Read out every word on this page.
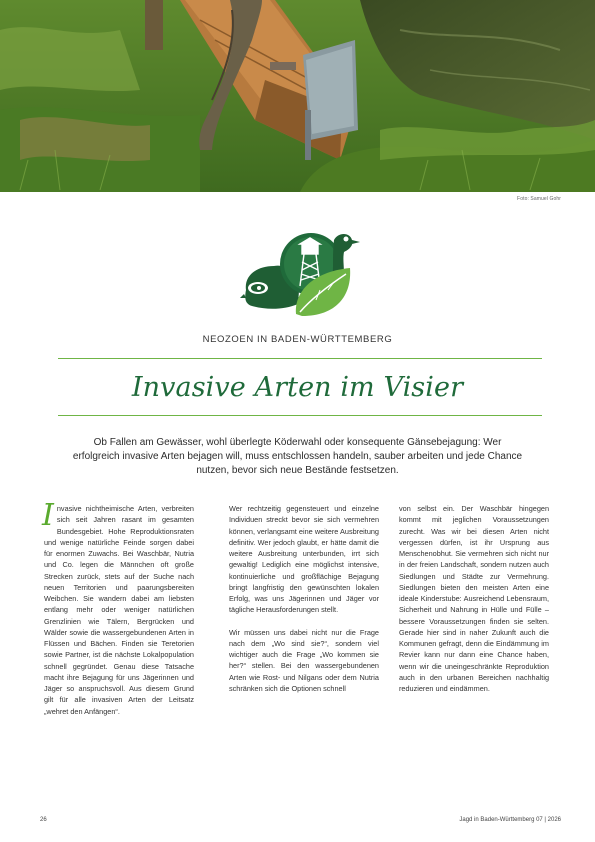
Foto: Samuel Gohr
NEOZOEN IN BADEN-WÜRTTEMBERG
Invasive Arten im Visier
Ob Fallen am Gewässer, wohl überlegte Köderwahl oder konsequente Gänsebejagung: Wer erfolgreich invasive Arten bejagen will, muss entschlossen handeln, sauber arbeiten und jede Chance nutzen, bevor sich neue Bestände festsetzen.

Invasive nichtheimische Arten, verbreiten sich seit Jahren rasant im gesamten Bundesgebiet. Hohe Reproduktionsraten und wenige natürliche Feinde sorgen dabei für enormen Zuwachs. Bei Waschbär, Nutria und Co. legen die Männchen oft große Strecken zurück, stets auf der Suche nach neuen Territorien und paarungsbereiten Weibchen. Sie wandern dabei am liebsten entlang mehr oder weniger natürlichen Grenzlinien wie Tälern, Bergrücken und Wälder sowie die wassergebundenen Arten in Flüssen und Bächen. Finden sie Teretorien sowie Partner, ist die nächste Lokalpopulation schnell gegründet. Genau diese Tatsache macht ihre Bejagung für uns Jägerinnen und Jäger so anspruchsvoll. Aus diesem Grund gilt für alle invasiven Arten der Leitsatz „wehret den Anfängen“.

Wer rechtzeitig gegensteuert und einzelne Individuen streckt bevor sie sich vermehren können, verlangsamt eine weitere Ausbreitung definitiv. Wer jedoch glaubt, er hätte damit die weitere Ausbreitung unterbunden, irrt sich gewaltig! Lediglich eine möglichst intensive, kontinuierliche und großflächige Bejagung bringt langfristig den gewünschten lokalen Erfolg, was uns Jägerinnen und Jäger vor tägliche Herausforderungen stellt.

Wir müssen uns dabei nicht nur die Frage nach dem „Wo sind sie?“, sondern viel wichtiger auch die Frage „Wo kommen sie her?“ stellen. Bei den wassergebundenen Arten wie Rost- und Nilgans oder dem Nutria schränken sich die Optionen schnell

von selbst ein. Der Waschbär hingegen kommt mit jeglichen Voraussetzungen zurecht. Was wir bei diesen Arten nicht vergessen dürfen, ist ihr Ursprung aus Menschenobhut. Sie vermehren sich nicht nur in der freien Landschaft, sondern nutzen auch Siedlungen und Städte zur Vermehrung. Siedlungen bieten den meisten Arten eine ideale Kinderstube: Ausreichend Lebensraum, Sicherheit und Nahrung in Hülle und Fülle – bessere Voraussetzungen finden sie selten. Gerade hier sind in naher Zukunft auch die Kommunen gefragt, denn die Eindämmung im Revier kann nur dann eine Chance haben, wenn wir die uneingeschränkte Reproduktion auch in den urbanen Bereichen nachhaltig reduzieren und eindämmen.

26	Jagd in Baden-Württemberg 07 | 2026
